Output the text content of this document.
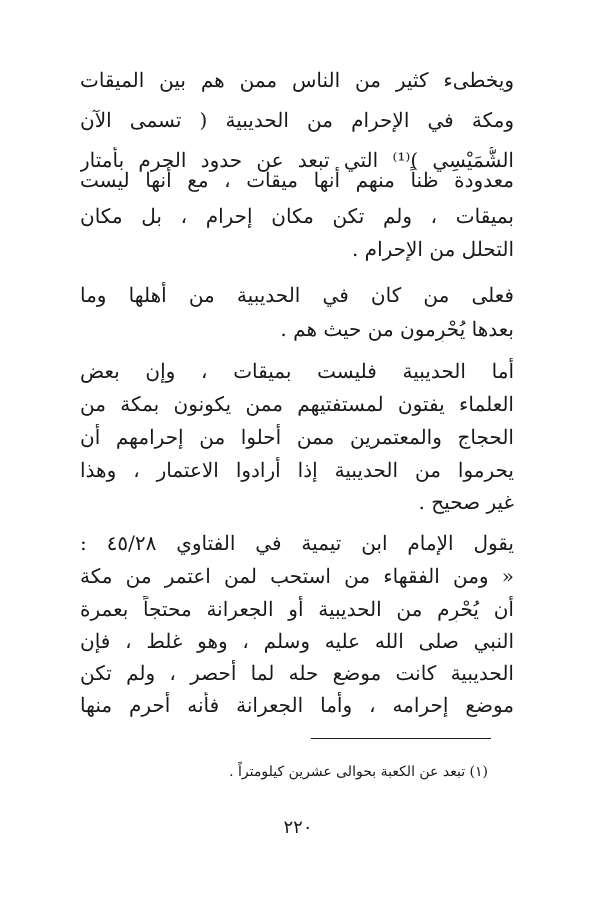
ويخطىء كثير من الناس ممن هم بين الميقات
ومكة في الإحرام من الحديبية ( تسمى الآن
الشُّمَيْسِي )⁽¹⁾ التي تبعد عن حدود الحرم بأمتار
معدودة ظناً منهم أنها ميقات ، مع أنها ليست
بميقات ، ولم تكن مكان إحرام ، بل مكان
التحلل من الإحرام .
فعلى من كان في الحديبية من أهلها وما
بعدها يُحْرِمون من حيث هم .
أما الحديبية فليست بميقات ، وإن بعض
العلماء يفتون لمستفتيهم ممن يكونون بمكة من
الحجاج والمعتمرين ممن أحلوا من إحرامهم أن
يحرموا من الحديبية إذا أرادوا الاعتمار ، وهذا
غير صحيح .
يقول الإمام ابن تيمية في الفتاوي ٤٥/٢٨ :
« ومن الفقهاء من استحب لمن اعتمر من مكة
أن يُحْرِم من الحديبية أو الجعرانة محتجاً بعمرة
النبي صلى الله عليه وسلم ، وهو غلط ، فإن
الحديبية كانت موضع حله لما أحصر ، ولم تكن
موضع إحرامه ، وأما الجعرانة فأنه أحرم منها
(١) تبعد عن الكعبة بحوالى عشرين كيلومتراً .
٢٢٠
